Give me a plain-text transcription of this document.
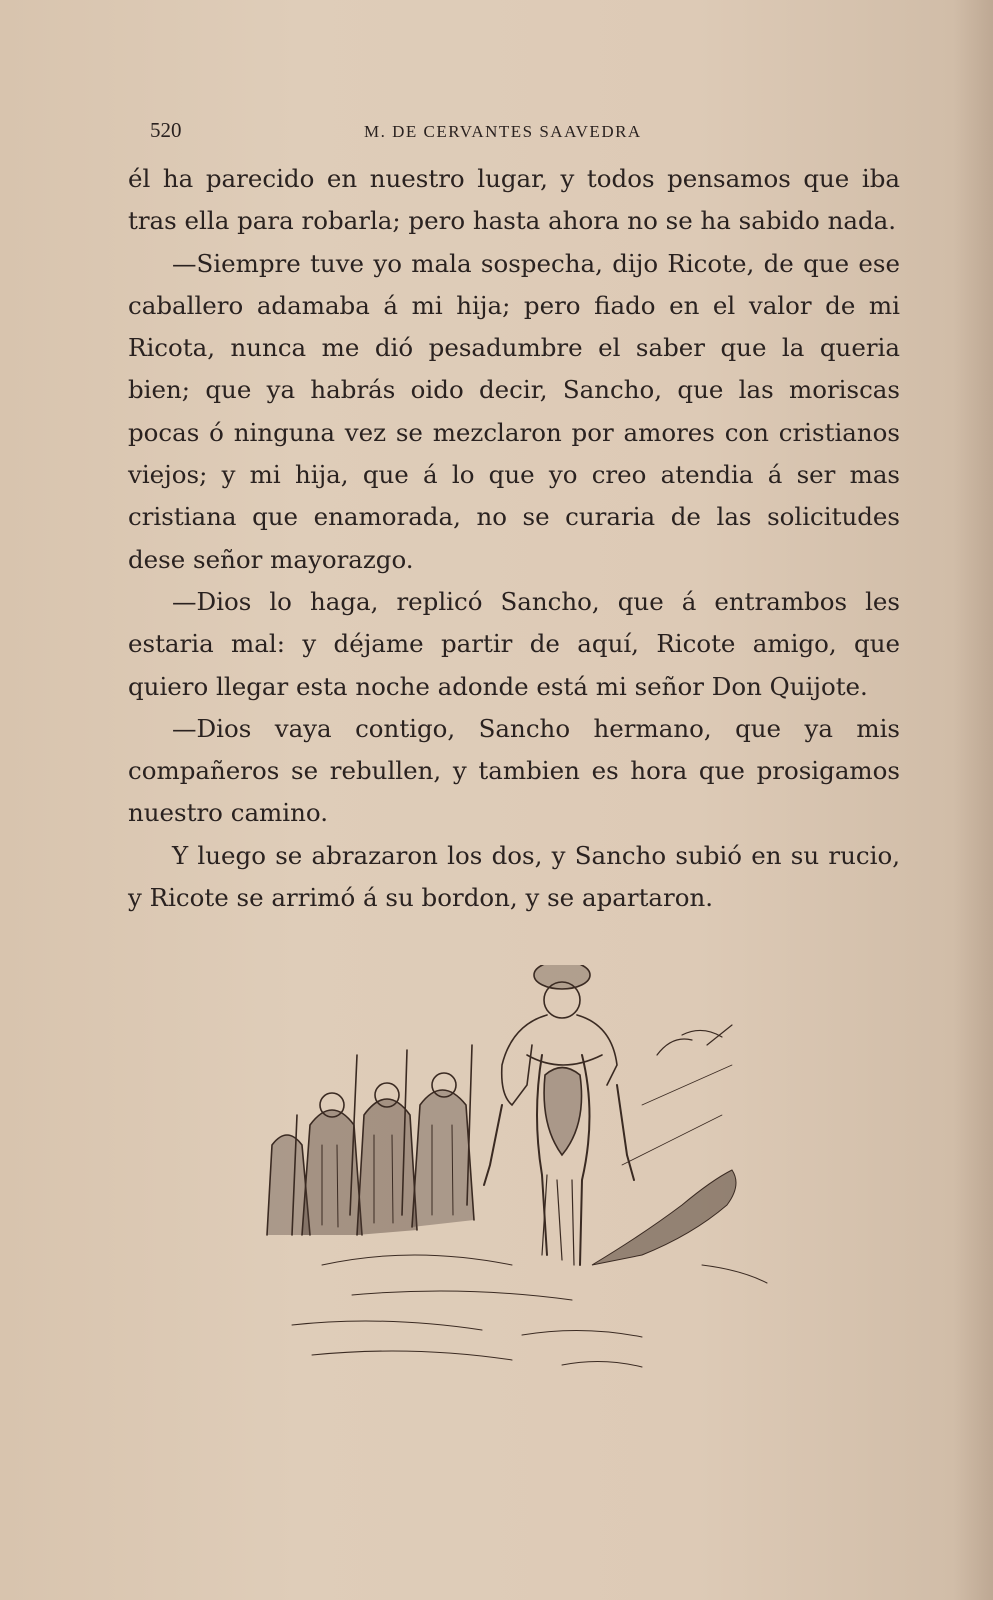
520	M. DE CERVANTES SAAVEDRA

él ha parecido en nuestro lugar, y todos pensamos que iba tras ella para robarla; pero hasta ahora no se ha sabido nada.

—Siempre tuve yo mala sospecha, dijo Ricote, de que ese caballero adamaba á mi hija; pero fiado en el valor de mi Ricota, nunca me dió pesadumbre el saber que la queria bien; que ya habrás oido decir, Sancho, que las moriscas pocas ó ninguna vez se mezclaron por amores con cristianos viejos; y mi hija, que á lo que yo creo atendia á ser mas cristiana que enamorada, no se curaria de las solicitudes dese señor mayorazgo.

—Dios lo haga, replicó Sancho, que á entrambos les estaria mal: y déjame partir de aquí, Ricote amigo, que quiero llegar esta noche adonde está mi señor Don Quijote.

—Dios vaya contigo, Sancho hermano, que ya mis compañeros se rebullen, y tambien es hora que prosigamos nuestro camino.

Y luego se abrazaron los dos, y Sancho subió en su rucio, y Ricote se arrimó á su bordon, y se apartaron.
